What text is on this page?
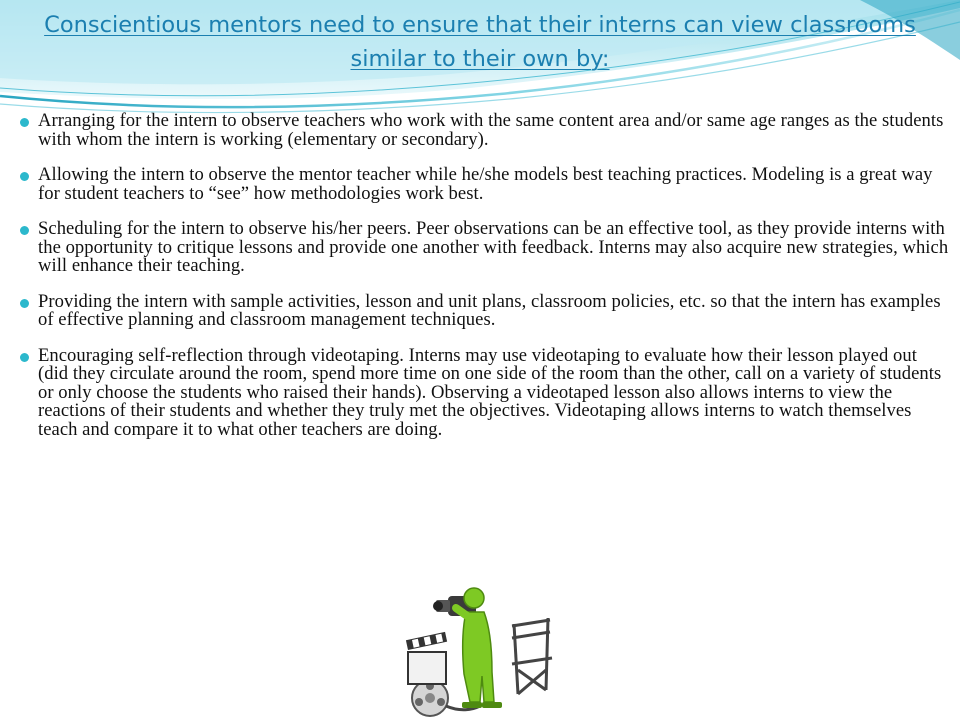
Conscientious mentors need to ensure that their interns can view classrooms similar to their own by:
Arranging for the intern to observe teachers who work with the same content area and/or same age ranges as the students with whom the intern is working (elementary or secondary).
Allowing the intern to observe the mentor teacher while he/she models best teaching practices. Modeling is a great way for student teachers to “see” how methodologies work best.
Scheduling for the intern to observe his/her peers. Peer observations can be an effective tool, as they provide interns with the opportunity to critique lessons and provide one another with feedback. Interns may also acquire new strategies, which will enhance their teaching.
Providing the intern with sample activities, lesson and unit plans, classroom policies, etc. so that the intern has examples of effective planning and classroom management techniques.
Encouraging self-reflection through videotaping. Interns may use videotaping to evaluate how their lesson played out (did they circulate around the room, spend more time on one side of the room than the other, call on a variety of students or only choose the students who raised their hands). Observing a videotaped lesson also allows interns to view the reactions of their students and whether they truly met the objectives. Videotaping allows interns to watch themselves teach and compare it to what other teachers are doing.
